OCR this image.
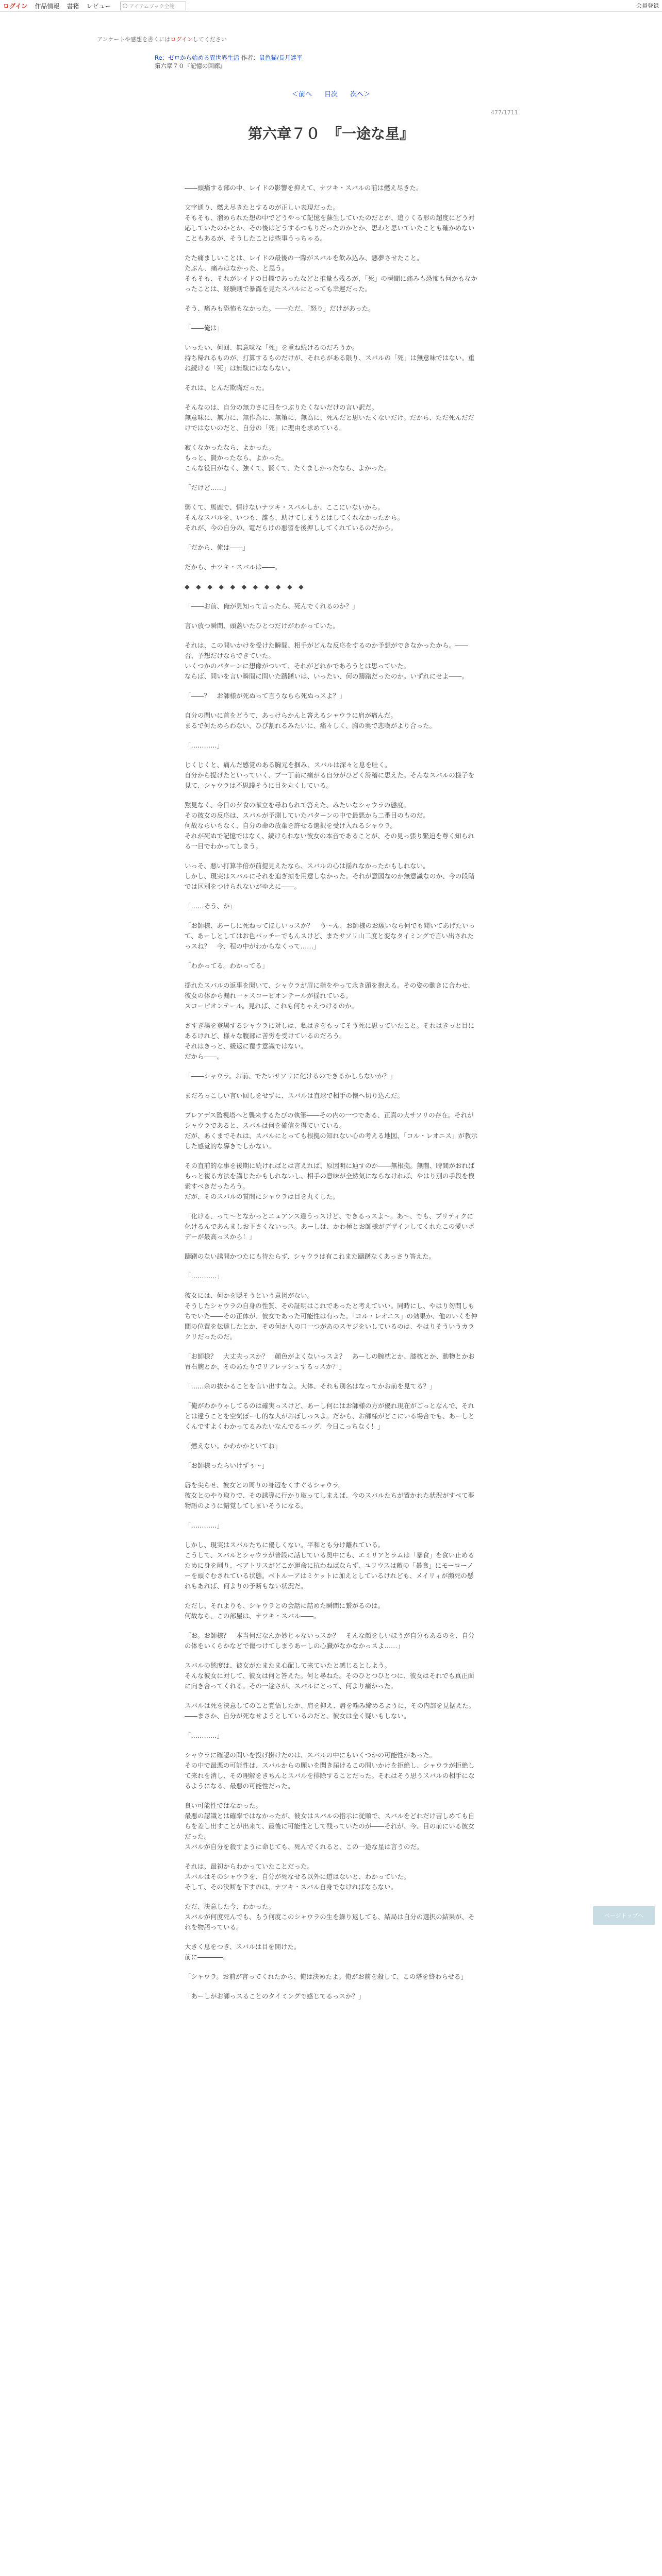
ログイン 作品情報 書籍 レビュー	アイテムブック全範	会員登録
アンケートや感想を書くにはログインしてください
Re：ゼロから始める異世界生活 作者：鼠色猫/長月達平
第六章７０『記憶の回廊』
＜前へ 目次 次へ＞
477/1711
第六章７０　『一途な星』

――頭痛する部の中、レイドの影響を抑えて、ナツキ・スバルの前は燃え尽きた。

文字通り、燃え尽きたとするのが正しい表現だった。
そもそも、溜められた想の中でどうやって記憶を蘇生していたのだとか、追りくる形の超度にどう対応していたのかとか、その後はどうするつもりだったのかとか、思わと思いていたことも確かめないこともあるが、そうしたことは些事うっちゃる。

たた痛ましいことは、レイドの最後の一際がスバルを飲み込み、悪夢させたこと。
たぶん、痛みはなかった、と思う。
そもそも、それがレイドの目標であったなどと推量も残るが、「死」の瞬間に痛みも恐怖も何かもなかったことは、経験則で暴露を見たスバルにとっても幸運だった。

そう、痛みも恐怖もなかった。――ただ、「怒り」だけがあった。

「――俺は」

いったい、何回、無意味な「死」を重ね続けるのだろうか。
持ち帰れるものが、打算するものだけが、それらがある限り、スバルの「死」は無意味ではない。重ね続ける「死」は無駄にはならない。

それは、とんだ欺瞞だった。

そんなのは、自分の無力さに目をつぶりたくないだけの言い訳だ。
無意味に、無力に、無作為に、無策に、無為に、死んだと思いたくないだけ。だから、ただ死んだだけではないのだと、自分の「死」に理由を求めている。

寂くなかったなら、よかった。
もっと、賢かったなら、よかった。
こんな役目がなく、強くて、賢くて、たくましかったなら、よかった。

「だけど……」

弱くて、馬鹿で、情けないナツキ・スバルしか、ここにいないから。
そんなスバルを、いつも、誰も、助けてしまうとはしてくれなかったから。
それが、今の自分の、電だらけの悪習を後押ししてくれているのだから。

「だから、俺は――」

だから、ナツキ・スバルは――。

◆　◆　◆　◆　◆　◆　◆　◆　◆　◆　◆

「――お前、俺が見知って言ったら、死んでくれるのか？」

言い放つ瞬間、頭蓋いたひとつだけがわかっていた。

それは、この問いかけを受けた瞬間、相手がどんな反応をするのか予想ができなかったから。――否、予想だけならできていた。
いくつかのパターンに想像がついて、それがどれかであろうとは思っていた。
ならば、問いを言い瞬間に問いた躊躇いは、いったい、何の躊躇だったのか。いずれにせよ――。

「――？　お師様が死ぬって言うならら死ぬっスよ？」

自分の問いに首をどうて、あっけらかんと答えるシャウラに肩が痛んだ。
まるで何ためらわない、ひび割れるみたいに、痛々しく、胸の奥で悲嘆がより合った。

「…………」

じくじくと、痛んだ感覚のある胸元を掴み、スバルは深々と息を吐く。
自分から提げたといっていく、ブ一丁前に痛がる自分がひどく滑稽に思えた。そんなスバルの様子を見て、シャウラは不思議そうに目を丸くしている。

黙見なく、今日の夕食の献立を尋ねられて答えた、みたいなシャウラの態度。
その彼女の反応は、スバルが予測していたパターンの中で最悪から二番目のものだ。
何故ならいちなく、自分の命の放棄を許せる選択を受け入れるシャウラ。
それが死ぬで記憶ではなく、続けられない彼女の本音であることが、その見っ張り緊迫を尊く知られる一目でわかってしまう。

いっそ、悪い打算半倍が前提見えたなら、スバルの心は揺れなかったかもしれない。
しかし、現実はスバルにそれを追ぎ掠を用意しなかった。それが意図なのか無意識なのか、今の段階では区別をつけられないがゆえに――。

「……そう、か」

「お師様、あーしに死ねってほしいっスか？　う〜ん、お師様のお願いなら何でも聞いてあげたいって、あーしとしてはお色パッチーでもんスけど、またサソリ山二度と変なタイミングで言い出されたっスね？　今、程の中がわからなくって……」

「わかってる。わかってる」

揺れたスバルの返事を聞いて、シャウラが眉に指をやって永き頭を抱える。その姿の動きに合わせ、彼女の体から漏れ一ヶスコーピオンテールが揺れている。
スコーピオンテール。見れば、これも何ちゃえつけるのか。

さすぎ場を登場するシャウラに対しは、私はきをもってそう死に思っていたこと。それはきっと目にあるけれど、様々な腹部に苦労を受けているのだろう。
それはきっと、緩返に覆す意識ではない。
だから――。

「――シャウラ。お前、でたいサソリに化けるのできるかしらないか？」

まだろっこしい言い回しをせずに、スバルは直球で相手の懐へ切り込んだ。

プレアデス監視塔へと襲来するたびの執筆――その内の一つである、正真の大サソリの存在。それがシャウラであると、スバルは何を確信を得ていている。
だが、あくまでそれは、スバルにとっても根拠の知れない心の考える地図、「コル・レオニス」が教示した感覚的な導きでしかない。

その直前的な事を後期に続ければとは言えれば、原因明に辿すのか――無根拠。無闇、時間がおればもっと複る方法を講じたかもしれないし、相手の意味が全然気にならなければ、やはり別の手段を模索すべきだったろう。
だが、そのスバルの質問にシャウラは目を丸くした。

「化ける、って～となかっとニュアンス違うっスけど、できるっスよ～。あ～、でも、プリティクに化けるんであんましお下さくないっス。あーしは、かわ極とお師様がデザインしてくれたこの愛いボデーが最高っスから！」

躊躇のない誘問かつたにも待たらず、シャウラは有これまた躊躇なくあっさり答えた。

「…………」

彼女には、何かを隠そうという意図がない。
そうしたシャウラの自身の性質、その証明はこれであったと考えていい。同時にし、やはり勿問しもちでいた――その正体が、彼女であった可能性は有った。「コル・レオニス」の効果か、他のいくを仲間の位置を伝達したとか、その何か人の口一つがあのスヤジをいしているのは、やはりそういうカラクリだったのだ。

「お師様？　大丈夫っスか？　顔色がよくないっスよ？　あーしの腕枕とか、膝枕とか、動物とかお胃右腕とか、そのあたりでリフレッシュするっスか？」

「……余の抜かることを言い出すなよ。大体、それも別名はなってかお前を見てる？」

「俺がわかりゃしてるのは確実っスけど、あーし何にはお師様の方が優れ現在がごっとなんで、それとは違うことを空気ぼーし的な人がおぼしっスよ。だから、お師様がどこにいる場合でも、あーしとくんですよくわかってるみたいなんでるエッグ、今日こっちなく！」

「燃えない。かわかかといてね」

「お師様ったらいけずぅ〜」

唇を尖らせ、彼女との周りの身辺をくすぐるシャウラ。
彼女とのやり取りで、その誘導に行かり取ってしまえば、今のスバルたちが置かれた状況がすべて夢物語のように錯覚してしまいそうになる。

「…………」

しかし、現実はスバルたちに優しくない。平和とも分け離れている。
こうして、スバルとシャウラが普段に話している奥中にも、エミリアとラムは「暴食」を食い止めるために身を削り、ベアトリスがどこか運命に抗わねばならず、ユリウスは敵の「暴食」にモーローノーを頭ぐむされている状態。ベトルーアはミケットに加えとしているけれども、メイリィが瀕死の懸れもあれば、何よりの予断もない状況だ。

ただし、それよりも、シャウラとの会話に詰めた瞬間に繋がるのは。
何故なら、この部屋は、ナツキ・スバル――。

「お。お師様？　本当何だなんか妙じゃないっスか？　そんな顔をしいほうが自分もあるのを、自分の体をいくらかなどで傷つけてしまうあーしの心臓がなかなかっスよ……」

スバルの態度は、彼女がたまたま心配して来ていたと感じるとしよう。
そんな彼女に対して、彼女は何と答えた。何と尋ねた。そのひとつひとつに、彼女はそれでも真正面に向き合ってくれる。その一途さが、スバルにとって、何より痛かった。

スバルは死を決意してのこと覚悟したか、肩を抑え、唇を噛み締めるように、その内部を見据えた。
――まさか、自分が死なせようとしているのだと、彼女は全く疑いもしない。

「…………」

シャウラに確認の問いを投げ掛けたのは、スバルの中にもいくつかの可能性があった。
その中で最悪の可能性は、スバルからの願いを聞き届けるこの問いかけを拒絶し、シャウラが拒絶して来れを消し、その理解をきちんとスバルを排除することだった。それはそう思うスバルの相手になるようになる、最悪の可能性だった。

良い可能性ではなかった。
最悪の認識とは確率ではなかったが、彼女はスバルの指示に従順で、スバルをどれだけ苦しめても自らを差し出すことが出来て、最後に可能性として残っていたのが――それが、今、目の前にいる彼女だった。
スバルが自分を殺すように命じても、死んでくれると、この一途な星は言うのだ。

それは、最初からわかっていたことだった。
スバルはそのシャウラを、自分が死なせる以外に道はないと、わかっていた。
そして、その決断を下すのは、ナツキ・スバル自身でなければならない。

ただ、決意した今、わかった。
スバルが何度死んでも、もう何度このシャウラの生を繰り返しても、結局は自分の選択の結果が、それを物語っている。

大きく息をつき、スバルは目を開けた。
前に――――。

「シャウラ。お前が言ってくれたから、俺は決めたよ。俺がお前を殺して、この塔を終わらせる」

「あーしがお師っスることのタイミングで感じてるっスか？」

ページトップへ
